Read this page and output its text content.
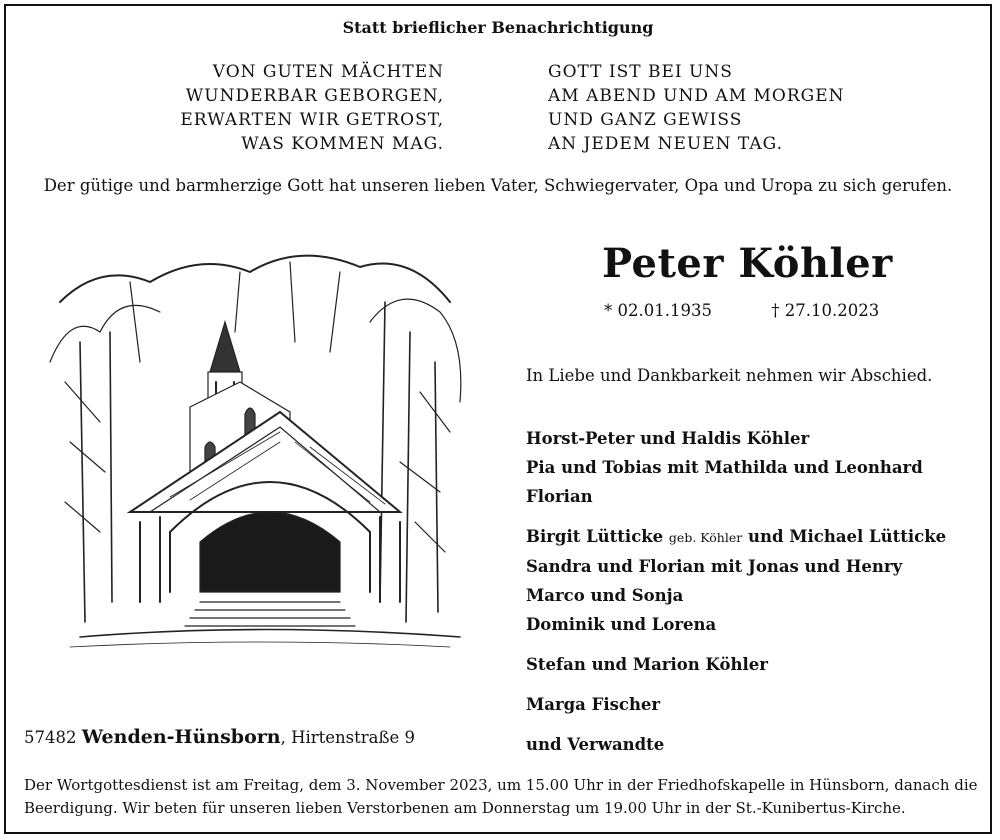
Statt brieflicher Benachrichtigung
VON GUTEN MÄCHTEN
WUNDERBAR GEBORGEN,
ERWARTEN WIR GETROST,
WAS KOMMEN MAG.
GOTT IST BEI UNS
AM ABEND UND AM MORGEN
UND GANZ GEWISS
AN JEDEM NEUEN TAG.
Der gütige und barmherzige Gott hat unseren lieben Vater, Schwiegervater, Opa und Uropa zu sich gerufen.
Peter Köhler
* 02.01.1935	† 27.10.2023
In Liebe und Dankbarkeit nehmen wir Abschied.
Horst-Peter und Haldis Köhler
Pia und Tobias mit Mathilda und Leonhard
Florian
Birgit Lütticke geb. Köhler und Michael Lütticke
Sandra und Florian mit Jonas und Henry
Marco und Sonja
Dominik und Lorena
Stefan und Marion Köhler
Marga Fischer
und Verwandte
57482 Wenden-Hünsborn, Hirtenstraße 9
Der Wortgottesdienst ist am Freitag, dem 3. November 2023, um 15.00 Uhr in der Friedhofskapelle in Hünsborn, danach die Beerdigung. Wir beten für unseren lieben Verstorbenen am Donnerstag um 19.00 Uhr in der St.-Kunibertus-Kirche.
